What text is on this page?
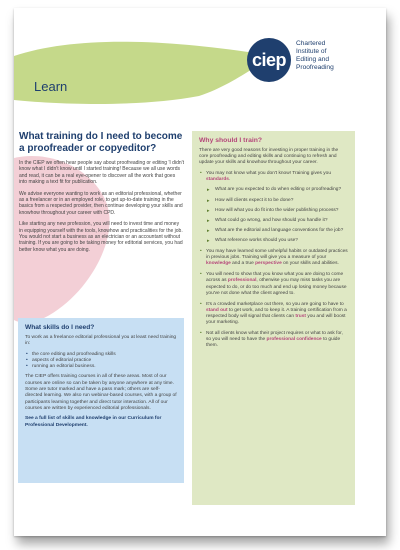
ciep
Chartered
Institute of
Editing and
Proofreading
Learn
What training do I need to become a proofreader or copyeditor?

In the CIEP we often hear people say about proofreading or editing 'I didn't know what I didn't know until I started training! Because we all use words and read, it can be a real eye-opener to discover all the work that goes into making a text fit for publication.

We advise everyone wanting to work as an editorial professional, whether as a freelancer or in an employed role, to get up-to-date training in the basics from a respected provider, then continue developing your skills and knowhow throughout your career with CPD.

Like starting any new profession, you will need to invest time and money in equipping yourself with the tools, knowhow and practicalities for the job. You would not start a business as an electrician or an accountant without training. If you are going to be taking money for editorial services, you had better know what you are doing.

What skills do I need?

To work as a freelance editorial professional you at least need training in:

• the core editing and proofreading skills
• aspects of editorial practice
• running an editorial business.

The CIEP offers training courses in all of these areas. Most of our courses are online so can be taken by anyone anywhere at any time. Some are tutor marked and have a pass mark; others are self-directed learning. We also run webinar-based courses, with a group of participants learning together and direct tutor interaction. All of our courses are written by experienced editorial professionals.

See a full list of skills and knowledge in our Curriculum for Professional Development.

Why should I train?

There are very good reasons for investing in proper training in the core proofreading and editing skills and continuing to refresh and update your skills and knowhow throughout your career.

• You may not know what you don't know! Training gives you standards.
▸ What are you expected to do when editing or proofreading?
▸ How will clients expect it to be done?
▸ How will what you do fit into the wider publishing process?
▸ What could go wrong, and how should you handle it?
▸ What are the editorial and language conventions for the job?
▸ What reference works should you use?
• You may have learned some unhelpful habits or outdated practices in previous jobs. Training will give you a measure of your knowledge and a true perspective on your skills and abilities.
• You will need to show that you know what you are doing to come across as professional, otherwise you may miss tasks you are expected to do, or do too much and end up losing money because you've not done what the client agreed to.
• It's a crowded marketplace out there, so you are going to have to stand out to get work, and to keep it. A training certification from a respected body will signal that clients can trust you and will boost your marketing.
• Not all clients know what their project requires or what to ask for, so you will need to have the professional confidence to guide them.
